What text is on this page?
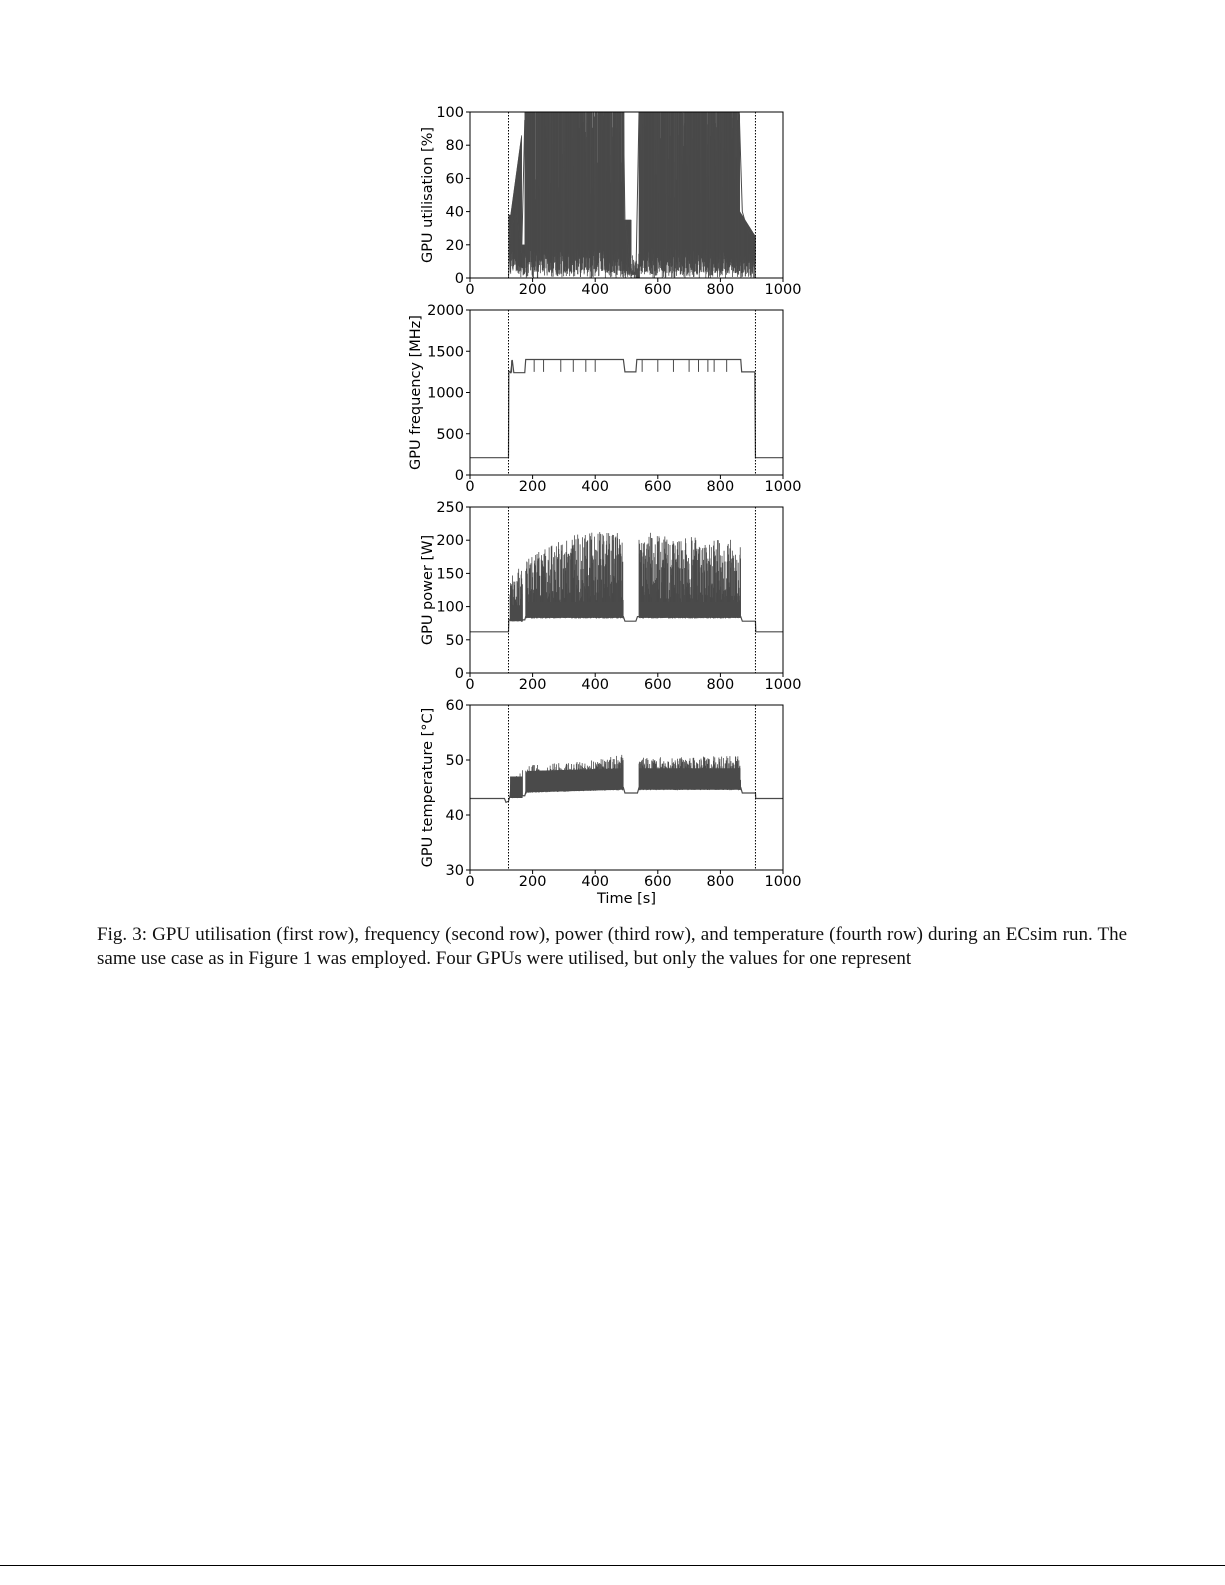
0	200 400 600 800 1000
0
20
40
60
80
100
GPU utilisation [%]
0	200 400 600 800 1000
0
500
1000
1500
2000
GPU frequency [MHz]
0	200 400 600 800 1000
0
50
100
150
200
250
GPU power [W]
0	200 400 600 800 1000
30
40
50
60
GPU temperature [°C]
Time [s]
Fig. 3: GPU utilisation (first row), frequency (second row), power (third row), and temperature (fourth row) during an ECsim run. The same use case as in Figure 1 was employed. Four GPUs were utilised, but only the values for one represent
